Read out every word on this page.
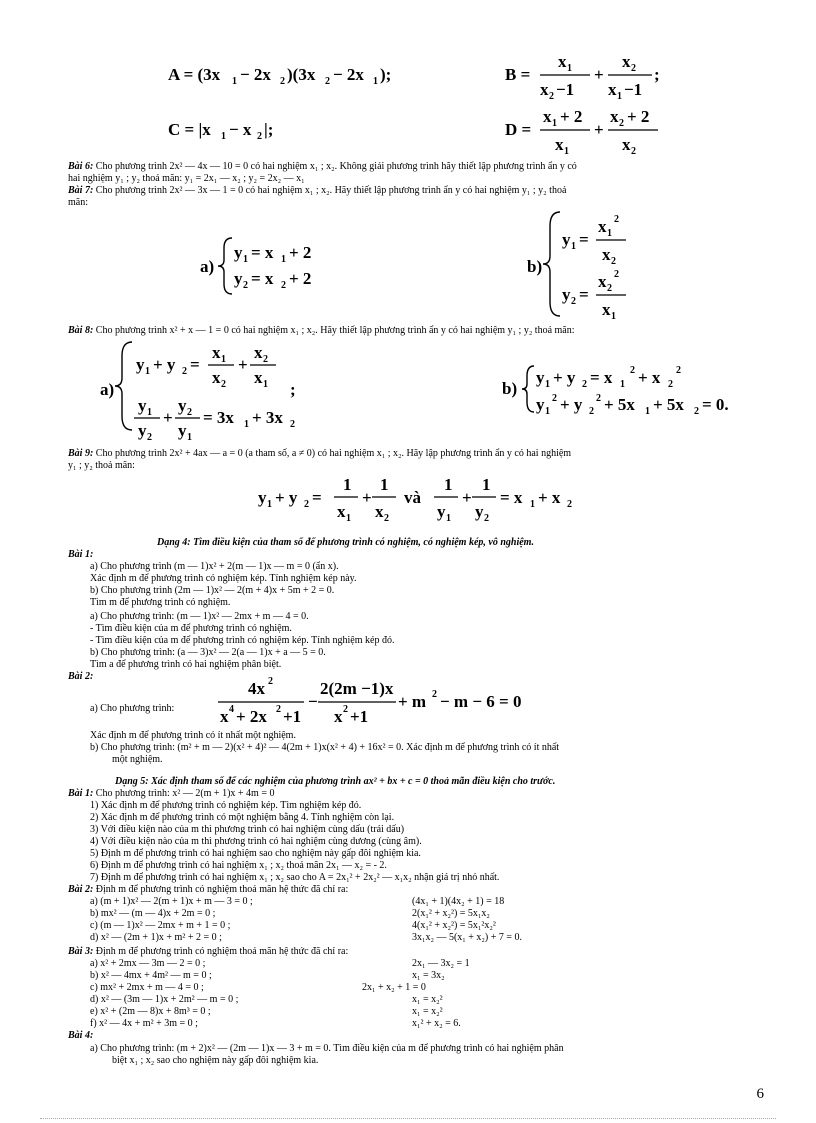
A = (3x 1 − 2x 2 )(3x 2 − 2x 1 );	B =
x 1
x 2 −1
+
x 2
x 1 −1
;
C = |x 1 − x 2 |;	D =
x 1 + 2
x 1
+
x 2 + 2
x 2
a)
y 1 = x 1 + 2
y 2 = x 2 + 2
b)
y 1 =
x 1
2
x 2
y 2 =
x 2
2
x 1
a)
y 1 + y 2 =
x 1
x 2
+
x 2
x 1 ;
y 1
y 2
+
y 2
y 1
= 3x 1 + 3x 2
b)
y 1 + y 2 = x 1
2 + x 2
2
y 1
2 + y 2
2 + 5x 1 + 5x 2 = 0.
y 1 + y 2 =
1
x 1
+
1
x 2
và
1
y 1
+
1
y 2
= x 1 + x 2
4x 2
x 4 + 2x 2 +1
−
2(2m −1)x
x 2 +1
+ m 2 − m − 6 = 0
Bài 6: Cho phương trình 2x² — 4x — 10 = 0 có hai nghiệm x₁ ; x₂. Không giải phương trình hãy thiết lập phương trình ẩn y có
hai nghiệm y₁ ; y₂ thoả mãn: y₁ = 2x₁ — x₂ ; y₂ = 2x₂ — x₁
Bài 7: Cho phương trình 2x² — 3x — 1 = 0 có hai nghiệm x₁ ; x₂. Hãy thiết lập phương trình ẩn y có hai nghiệm y₁ ; y₂ thoả
mãn:
Bài 8: Cho phương trình x² + x — 1 = 0 có hai nghiệm x₁ ; x₂. Hãy thiết lập phương trình ẩn y có hai nghiệm y₁ ; y₂ thoả mãn:
Bài 9: Cho phương trình 2x² + 4ax — a = 0 (a tham số, a ≠ 0) có hai nghiệm x₁ ; x₂. Hãy lập phương trình ẩn y có hai nghiệm
y₁ ; y₂ thoả mãn:
Dạng 4: Tìm điều kiện của tham số để phương trình có nghiệm, có nghiệm kép, vô nghiệm.
Bài 1:
a) Cho phương trình (m — 1)x² + 2(m — 1)x — m = 0 (ẩn x).
Xác định m để phương trình có nghiệm kép. Tính nghiệm kép này.
b) Cho phương trình (2m — 1)x² — 2(m + 4)x + 5m + 2 = 0.
Tìm m để phương trình có nghiệm.
a) Cho phương trình: (m — 1)x² — 2mx + m — 4 = 0.
- Tìm điều kiện của m để phương trình có nghiệm.
- Tìm điều kiện của m để phương trình có nghiệm kép. Tính nghiệm kép đó.
b) Cho phương trình: (a — 3)x² — 2(a — 1)x + a — 5 = 0.
Tìm a để phương trình có hai nghiệm phân biệt.
Bài 2:
a) Cho phương trình:
Xác định m để phương trình có ít nhất một nghiệm.
b) Cho phương trình: (m² + m — 2)(x² + 4)² — 4(2m + 1)x(x² + 4) + 16x² = 0. Xác định m để phương trình có ít nhất
một nghiệm.
Dạng 5: Xác định tham số để các nghiệm của phương trình ax² + bx + c = 0 thoả mãn điều kiện cho trước.
Bài 1: Cho phương trình: x² — 2(m + 1)x + 4m = 0
1) Xác định m để phương trình có nghiệm kép. Tìm nghiệm kép đó.
2) Xác định m để phương trình có một nghiệm bằng 4. Tính nghiệm còn lại.
3) Với điều kiện nào của m thì phương trình có hai nghiệm cùng dấu (trái dấu)
4) Với điều kiện nào của m thì phương trình có hai nghiệm cùng dương (cùng âm).
5) Định m để phương trình có hai nghiệm sao cho nghiệm này gấp đôi nghiệm kia.
6) Định m để phương trình có hai nghiệm x₁ ; x₂ thoả mãn 2x₁ — x₂ = - 2.
7) Định m để phương trình có hai nghiệm x₁ ; x₂ sao cho A = 2x₁² + 2x₂² — x₁x₂ nhận giá trị nhỏ nhất.
Bài 2: Định m để phương trình có nghiệm thoả mãn hệ thức đã chỉ ra:
a) (m + 1)x² — 2(m + 1)x + m — 3 = 0 ;	(4x₁ + 1)(4x₂ + 1) = 18
b) mx² — (m — 4)x + 2m = 0 ;	2(x₁² + x₂²) = 5x₁x₂
c) (m — 1)x² — 2mx + m + 1 = 0 ;	4(x₁² + x₂²) = 5x₁²x₂²
d) x² — (2m + 1)x + m² + 2 = 0 ;	3x₁x₂ — 5(x₁ + x₂) + 7 = 0.
Bài 3: Định m để phương trình có nghiệm thoả mãn hệ thức đã chỉ ra:
a) x² + 2mx — 3m — 2 = 0 ;	2x₁ — 3x₂ = 1
b) x² — 4mx + 4m² — m = 0 ;	x₁ = 3x₂
c) mx² + 2mx + m — 4 = 0 ;	2x₁ + x₂ + 1 = 0
d) x² — (3m — 1)x + 2m² — m = 0 ;	x₁ = x₂²
e) x² + (2m — 8)x + 8m³ = 0 ;	x₁ = x₂²
f) x² — 4x + m² + 3m = 0 ;	x₁² + x₂ = 6.
Bài 4:
a) Cho phương trình: (m + 2)x² — (2m — 1)x — 3 + m = 0. Tìm điều kiện của m để phương trình có hai nghiệm phân
biệt x₁ ; x₂ sao cho nghiệm này gấp đôi nghiệm kia.
6
